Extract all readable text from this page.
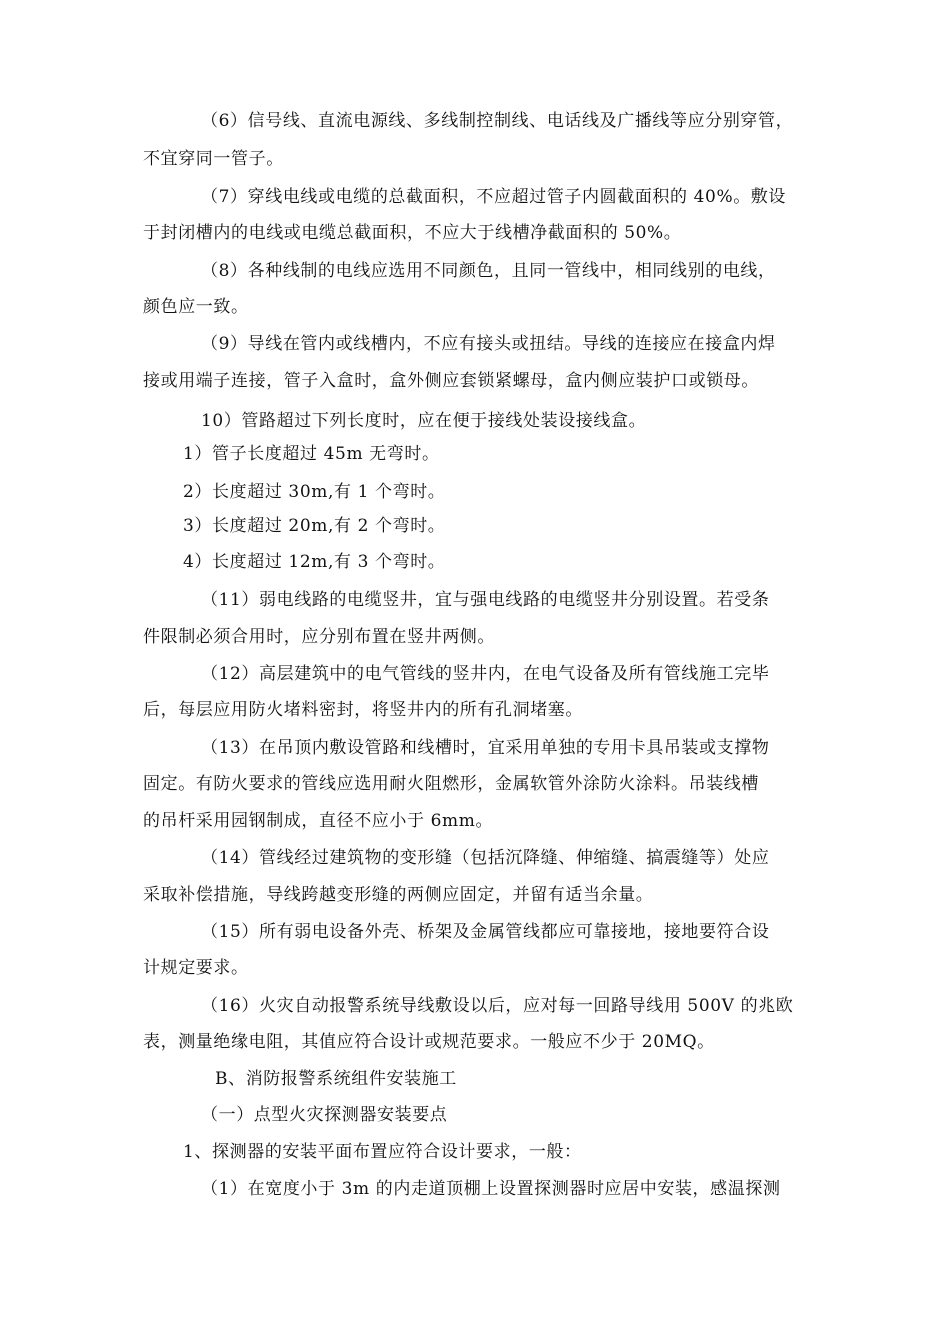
（6）信号线、直流电源线、多线制控制线、电话线及广播线等应分别穿管，
不宜穿同一管子。
（7）穿线电线或电缆的总截面积，不应超过管子内圆截面积的 40%。敷设
于封闭槽内的电线或电缆总截面积，不应大于线槽净截面积的 50%。
（8）各种线制的电线应选用不同颜色，且同一管线中，相同线别的电线，
颜色应一致。
（9）导线在管内或线槽内，不应有接头或扭结。导线的连接应在接盒内焊
接或用端子连接，管子入盒时，盒外侧应套锁紧螺母，盒内侧应装护口或锁母。
10）管路超过下列长度时，应在便于接线处装设接线盒。
1）管子长度超过 45m 无弯时。
2）长度超过 30m,有 1 个弯时。
3）长度超过 20m,有 2 个弯时。
4）长度超过 12m,有 3 个弯时。
（11）弱电线路的电缆竖井，宜与强电线路的电缆竖井分别设置。若受条
件限制必须合用时，应分别布置在竖井两侧。
（12）高层建筑中的电气管线的竖井内，在电气设备及所有管线施工完毕
后，每层应用防火堵料密封，将竖井内的所有孔洞堵塞。
（13）在吊顶内敷设管路和线槽时，宜采用单独的专用卡具吊装或支撑物
固定。有防火要求的管线应选用耐火阻燃形，金属软管外涂防火涂料。吊装线槽
的吊杆采用园钢制成，直径不应小于 6mm。
（14）管线经过建筑物的变形缝（包括沉降缝、伸缩缝、搞震缝等）处应
采取补偿措施，导线跨越变形缝的两侧应固定，并留有适当余量。
（15）所有弱电设备外壳、桥架及金属管线都应可靠接地，接地要符合设
计规定要求。
（16）火灾自动报警系统导线敷设以后，应对每一回路导线用 500V 的兆欧
表，测量绝缘电阻，其值应符合设计或规范要求。一般应不少于 20MQ。
B、消防报警系统组件安装施工
（一）点型火灾探测器安装要点
1、探测器的安装平面布置应符合设计要求，一般：
（1）在宽度小于 3m 的内走道顶棚上设置探测器时应居中安装，感温探测
